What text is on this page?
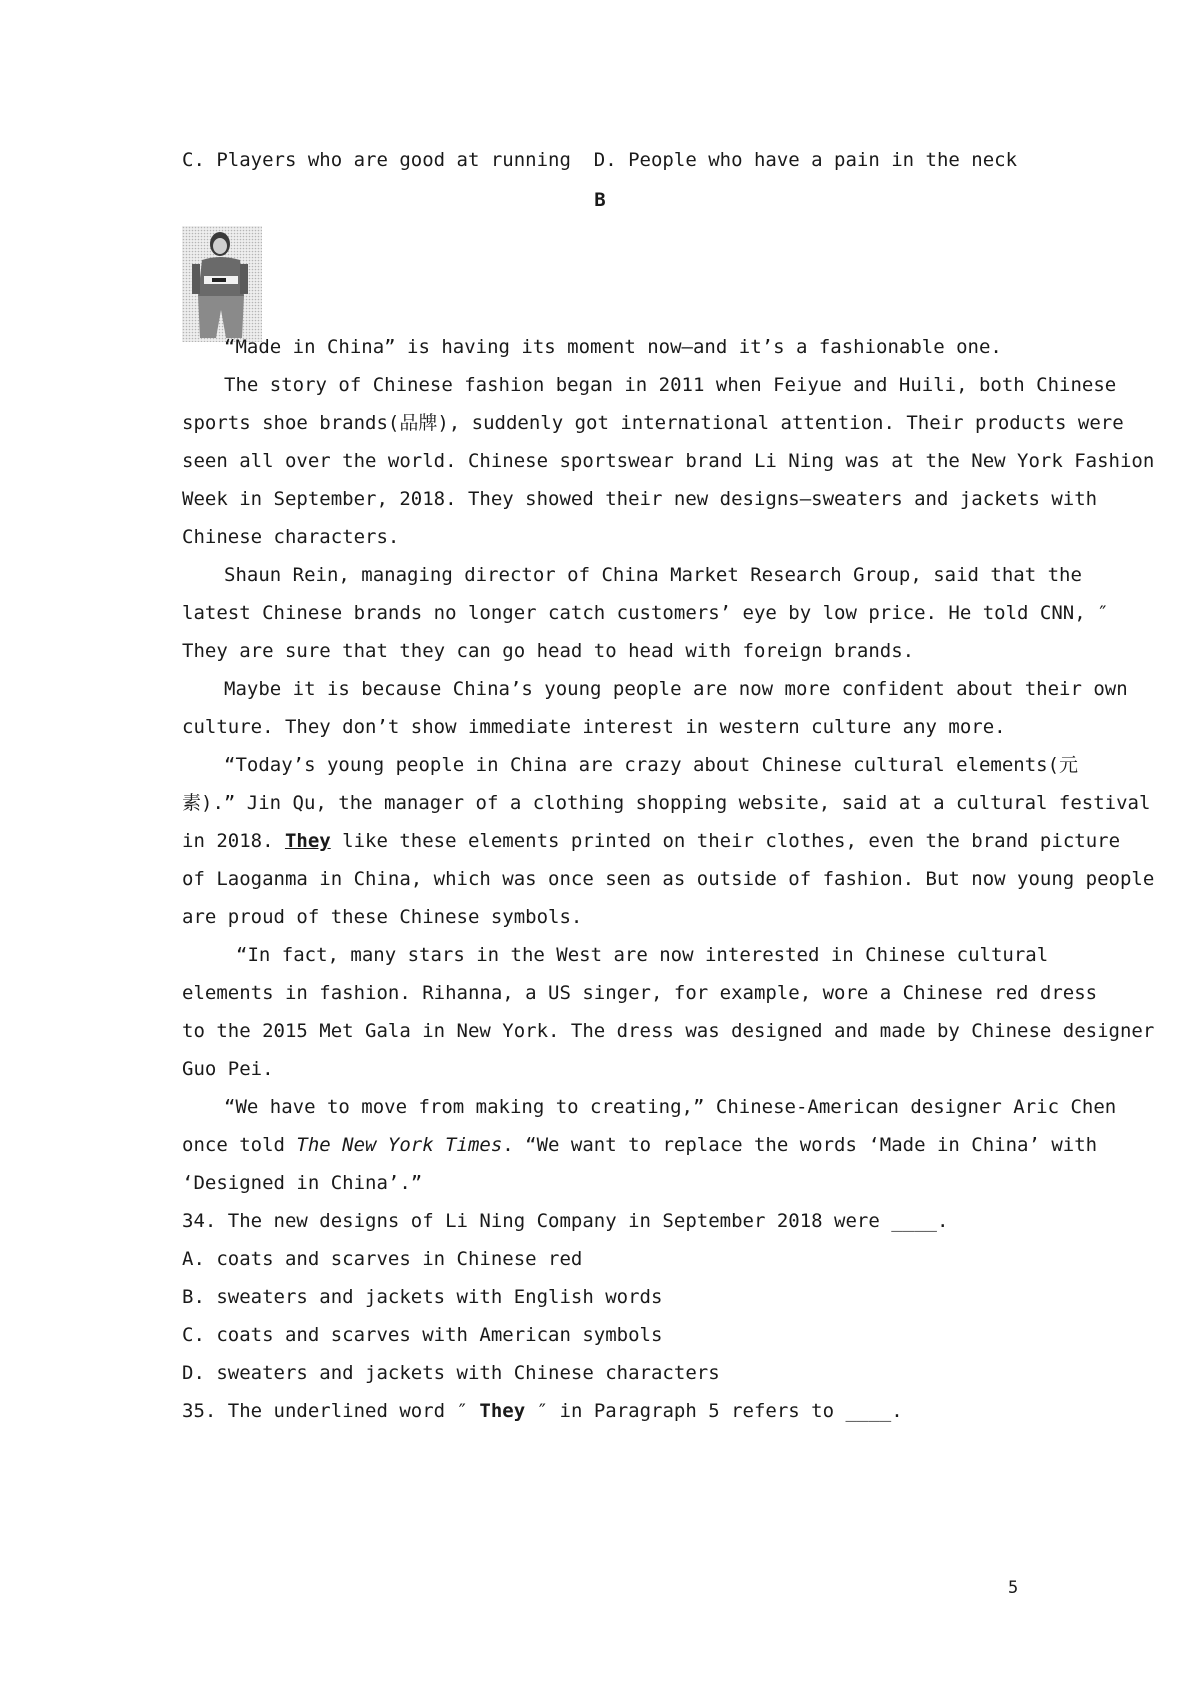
C. Players who are good at running  D. People who have a pain in the neck
B
“Made in China” is having its moment now—and it’s a fashionable one.
The story of Chinese fashion began in 2011 when Feiyue and Huili, both Chinese
sports shoe brands(品牌), suddenly got international attention. Their products were
seen all over the world. Chinese sportswear brand Li Ning was at the New York Fashion
Week in September, 2018. They showed their new designs—sweaters and jackets with
Chinese characters.
Shaun Rein, managing director of China Market Research Group, said that the
latest Chinese brands no longer catch customers’ eye by low price. He told CNN, ″
They are sure that they can go head to head with foreign brands.
Maybe it is because China’s young people are now more confident about their own
culture. They don’t show immediate interest in western culture any more.
“Today’s young people in China are crazy about Chinese cultural elements(元
素).” Jin Qu, the manager of a clothing shopping website, said at a cultural festival
in 2018. They like these elements printed on their clothes, even the brand picture
of Laoganma in China, which was once seen as outside of fashion. But now young people
are proud of these Chinese symbols.
“In fact, many stars in the West are now interested in Chinese cultural
elements in fashion. Rihanna, a US singer, for example, wore a Chinese red dress
to the 2015 Met Gala in New York. The dress was designed and made by Chinese designer
Guo Pei.
“We have to move from making to creating,” Chinese-American designer Aric Chen
once told The New York Times. “We want to replace the words ‘Made in China’ with
‘Designed in China’.”
34. The new designs of Li Ning Company in September 2018 were ____.
A. coats and scarves in Chinese red
B. sweaters and jackets with English words
C. coats and scarves with American symbols
D. sweaters and jackets with Chinese characters
35. The underlined word ″ They ″ in Paragraph 5 refers to ____.
5
